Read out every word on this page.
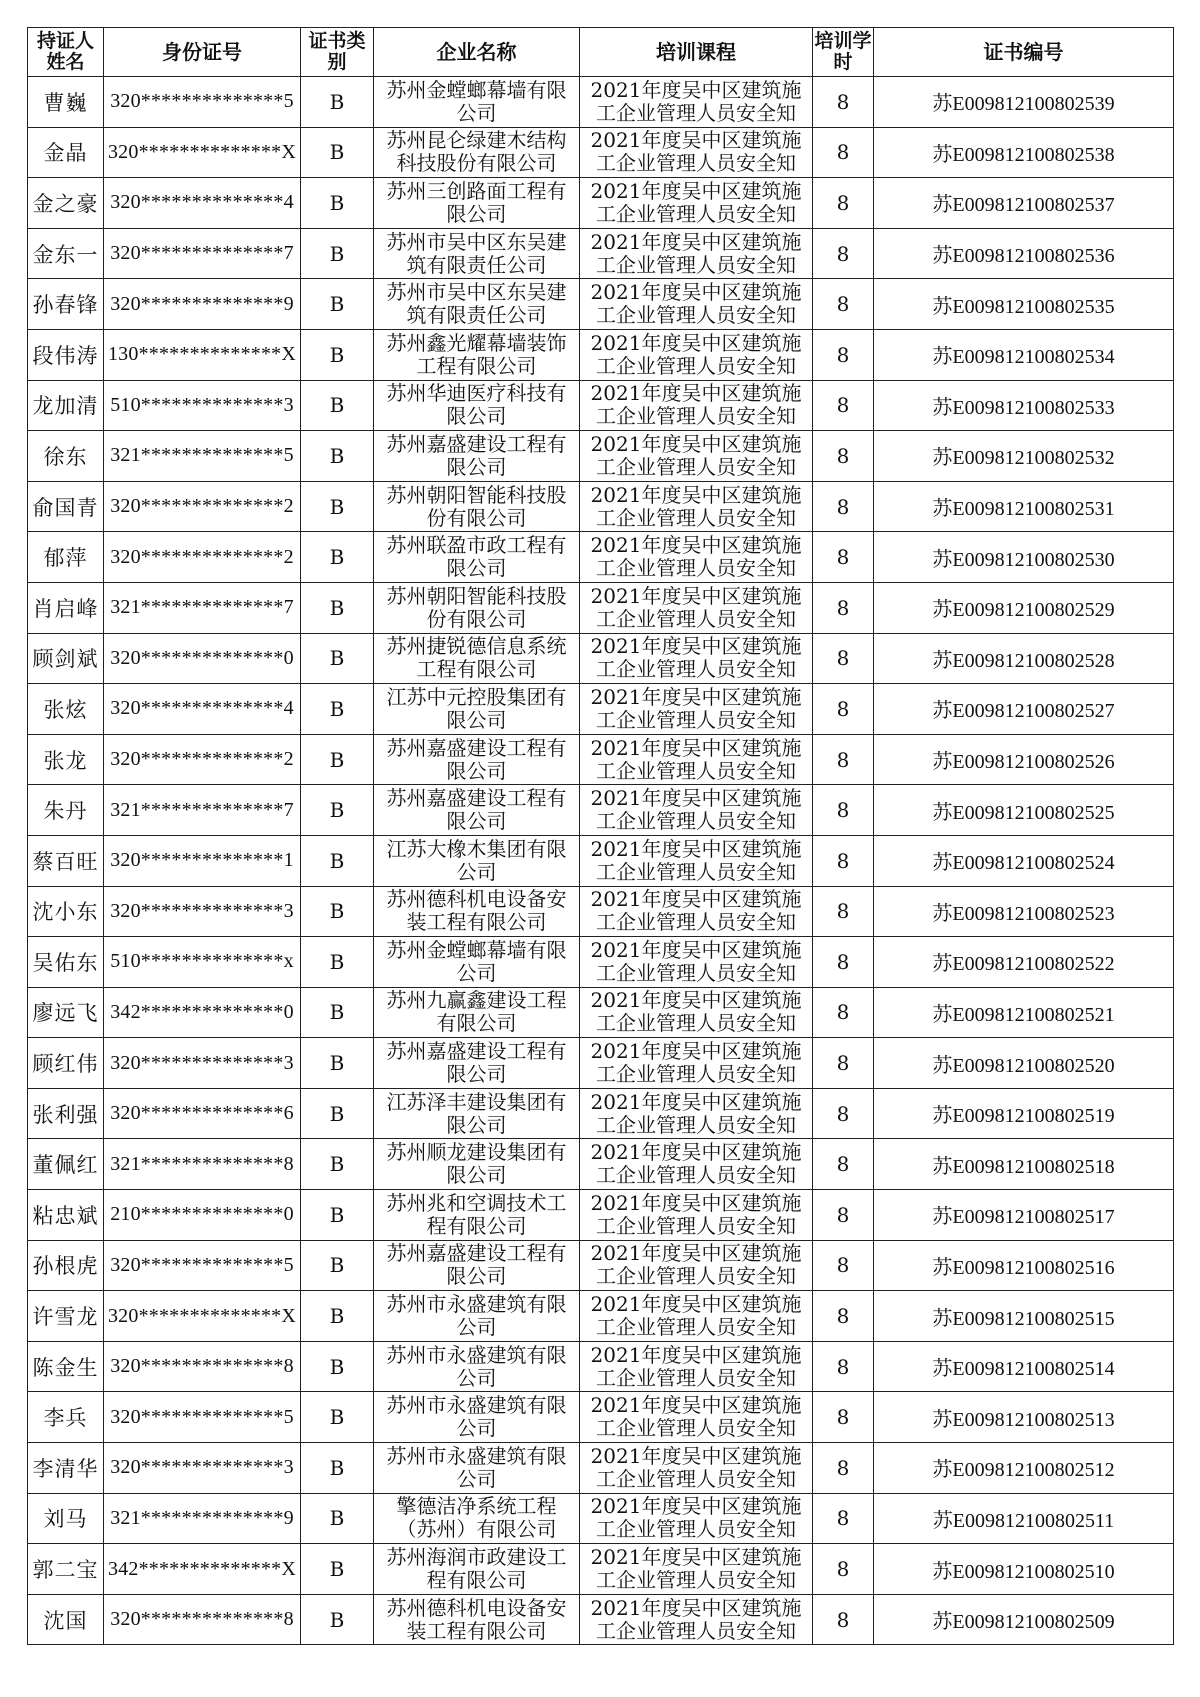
持证人姓名	身份证号	证书类别	企业名称	培训课程	培训学时	证书编号
曹巍	320**************5	B	苏州金螳螂幕墙有限公司	2021年度吴中区建筑施工企业管理人员安全知	8	苏E009812100802539
金晶	320**************X	B	苏州昆仑绿建木结构科技股份有限公司	2021年度吴中区建筑施工企业管理人员安全知	8	苏E009812100802538
金之豪	320**************4	B	苏州三创路面工程有限公司	2021年度吴中区建筑施工企业管理人员安全知	8	苏E009812100802537
金东一	320**************7	B	苏州市吴中区东吴建筑有限责任公司	2021年度吴中区建筑施工企业管理人员安全知	8	苏E009812100802536
孙春锋	320**************9	B	苏州市吴中区东吴建筑有限责任公司	2021年度吴中区建筑施工企业管理人员安全知	8	苏E009812100802535
段伟涛	130**************X	B	苏州鑫光耀幕墙装饰工程有限公司	2021年度吴中区建筑施工企业管理人员安全知	8	苏E009812100802534
龙加清	510**************3	B	苏州华迪医疗科技有限公司	2021年度吴中区建筑施工企业管理人员安全知	8	苏E009812100802533
徐东	321**************5	B	苏州嘉盛建设工程有限公司	2021年度吴中区建筑施工企业管理人员安全知	8	苏E009812100802532
俞国青	320**************2	B	苏州朝阳智能科技股份有限公司	2021年度吴中区建筑施工企业管理人员安全知	8	苏E009812100802531
郁萍	320**************2	B	苏州联盈市政工程有限公司	2021年度吴中区建筑施工企业管理人员安全知	8	苏E009812100802530
肖启峰	321**************7	B	苏州朝阳智能科技股份有限公司	2021年度吴中区建筑施工企业管理人员安全知	8	苏E009812100802529
顾剑斌	320**************0	B	苏州捷锐德信息系统工程有限公司	2021年度吴中区建筑施工企业管理人员安全知	8	苏E009812100802528
张炫	320**************4	B	江苏中元控股集团有限公司	2021年度吴中区建筑施工企业管理人员安全知	8	苏E009812100802527
张龙	320**************2	B	苏州嘉盛建设工程有限公司	2021年度吴中区建筑施工企业管理人员安全知	8	苏E009812100802526
朱丹	321**************7	B	苏州嘉盛建设工程有限公司	2021年度吴中区建筑施工企业管理人员安全知	8	苏E009812100802525
蔡百旺	320**************1	B	江苏大橡木集团有限公司	2021年度吴中区建筑施工企业管理人员安全知	8	苏E009812100802524
沈小东	320**************3	B	苏州德科机电设备安装工程有限公司	2021年度吴中区建筑施工企业管理人员安全知	8	苏E009812100802523
吴佑东	510**************x	B	苏州金螳螂幕墙有限公司	2021年度吴中区建筑施工企业管理人员安全知	8	苏E009812100802522
廖远飞	342**************0	B	苏州九赢鑫建设工程有限公司	2021年度吴中区建筑施工企业管理人员安全知	8	苏E009812100802521
顾红伟	320**************3	B	苏州嘉盛建设工程有限公司	2021年度吴中区建筑施工企业管理人员安全知	8	苏E009812100802520
张利强	320**************6	B	江苏泽丰建设集团有限公司	2021年度吴中区建筑施工企业管理人员安全知	8	苏E009812100802519
董佩红	321**************8	B	苏州顺龙建设集团有限公司	2021年度吴中区建筑施工企业管理人员安全知	8	苏E009812100802518
粘忠斌	210**************0	B	苏州兆和空调技术工程有限公司	2021年度吴中区建筑施工企业管理人员安全知	8	苏E009812100802517
孙根虎	320**************5	B	苏州嘉盛建设工程有限公司	2021年度吴中区建筑施工企业管理人员安全知	8	苏E009812100802516
许雪龙	320**************X	B	苏州市永盛建筑有限公司	2021年度吴中区建筑施工企业管理人员安全知	8	苏E009812100802515
陈金生	320**************8	B	苏州市永盛建筑有限公司	2021年度吴中区建筑施工企业管理人员安全知	8	苏E009812100802514
李兵	320**************5	B	苏州市永盛建筑有限公司	2021年度吴中区建筑施工企业管理人员安全知	8	苏E009812100802513
李清华	320**************3	B	苏州市永盛建筑有限公司	2021年度吴中区建筑施工企业管理人员安全知	8	苏E009812100802512
刘马	321**************9	B	擎德洁净系统工程（苏州）有限公司	2021年度吴中区建筑施工企业管理人员安全知	8	苏E009812100802511
郭二宝	342**************X	B	苏州海润市政建设工程有限公司	2021年度吴中区建筑施工企业管理人员安全知	8	苏E009812100802510
沈国	320**************8	B	苏州德科机电设备安装工程有限公司	2021年度吴中区建筑施工企业管理人员安全知	8	苏E009812100802509
